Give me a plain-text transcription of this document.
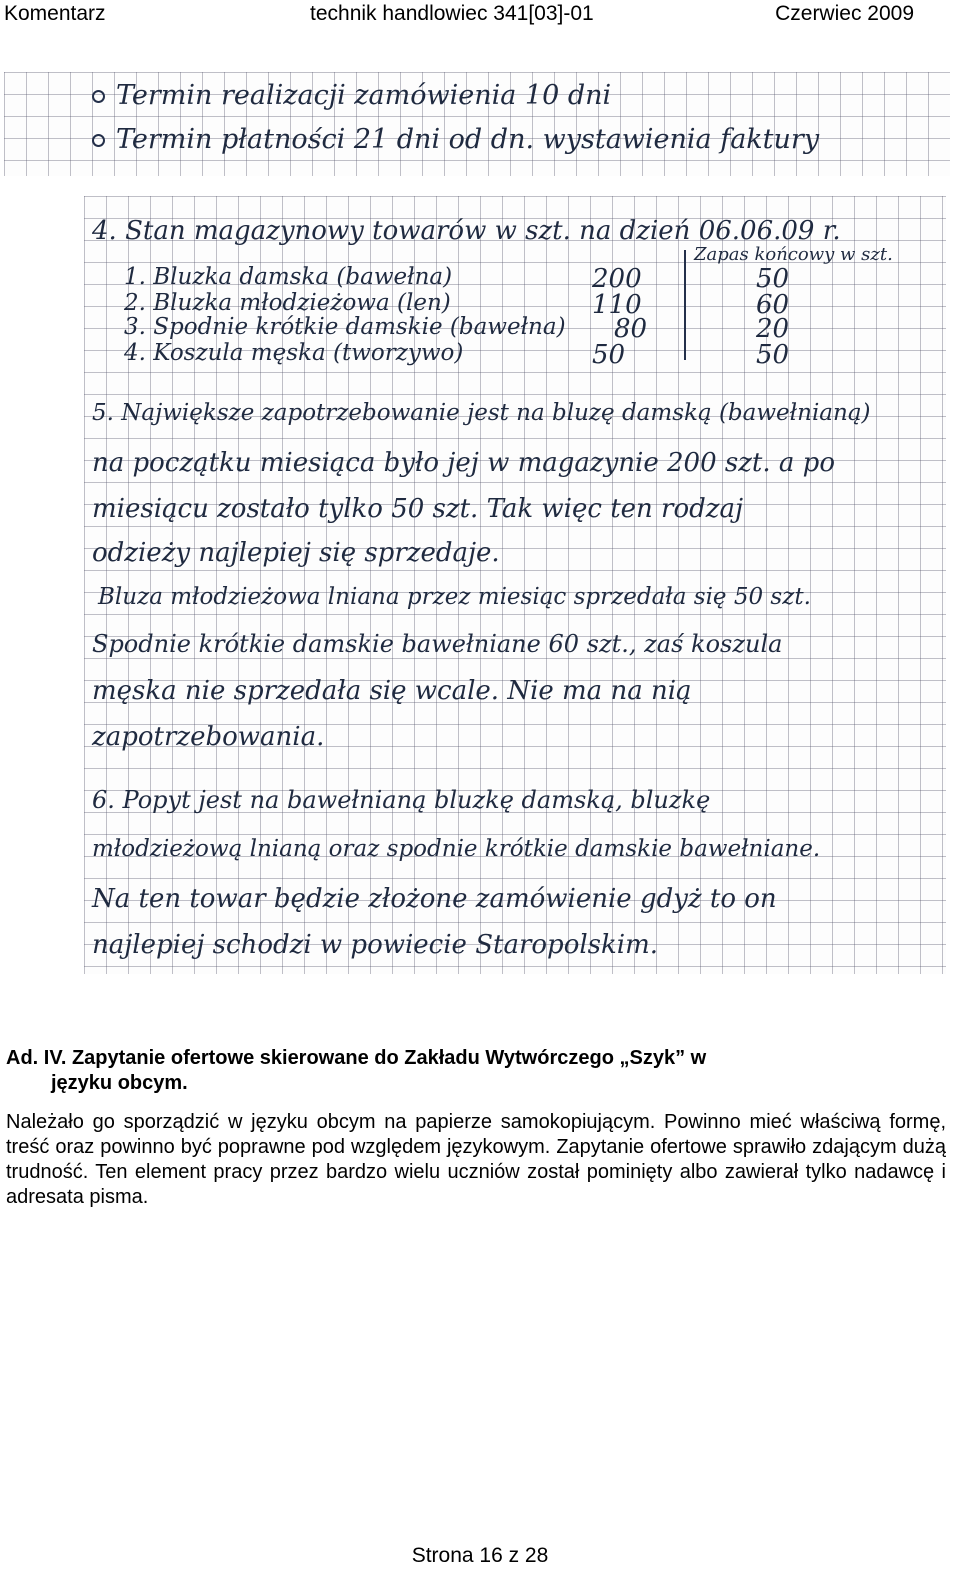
Komentarz	technik handlowiec 341[03]-01	Czerwiec 2009
Termin realizacji zamówienia 10 dni
Termin płatności 21 dni od dn. wystawienia faktury
4. Stan magazynowy towarów w szt. na dzień 06.06.09 r.
Zapas końcowy w szt.
1. Bluzka damska (bawełna)	200	50
2. Bluzka młodzieżowa (len)	110	60
3. Spodnie krótkie damskie (bawełna) 80	20
4. Koszula męska (tworzywo)	50	50
5. Największe zapotrzebowanie jest na bluzę damską (bawełnianą)
na początku miesiąca było jej w magazynie 200 szt. a po
miesiącu zostało tylko 50 szt. Tak więc ten rodzaj
odzieży najlepiej się sprzedaje.
Bluza młodzieżowa lniana przez miesiąc sprzedała się 50 szt.
Spodnie krótkie damskie bawełniane 60 szt., zaś koszula
męska nie sprzedała się wcale. Nie ma na nią
zapotrzebowania.
6. Popyt jest na bawełnianą bluzkę damską, bluzkę
młodzieżową lnianą oraz spodnie krótkie damskie bawełniane.
Na ten towar będzie złożone zamówienie gdyż to on
najlepiej schodzi w powiecie Staropolskim.
Ad. IV. Zapytanie ofertowe skierowane do Zakładu Wytwórczego „Szyk” w
języku obcym.
Należało go sporządzić w języku obcym na papierze samokopiującym. Powinno mieć właściwą formę, treść oraz powinno być poprawne pod względem językowym. Zapytanie ofertowe sprawiło zdającym dużą trudność. Ten element pracy przez bardzo wielu uczniów został pominięty albo zawierał tylko nadawcę i adresata pisma.
Strona 16 z 28
